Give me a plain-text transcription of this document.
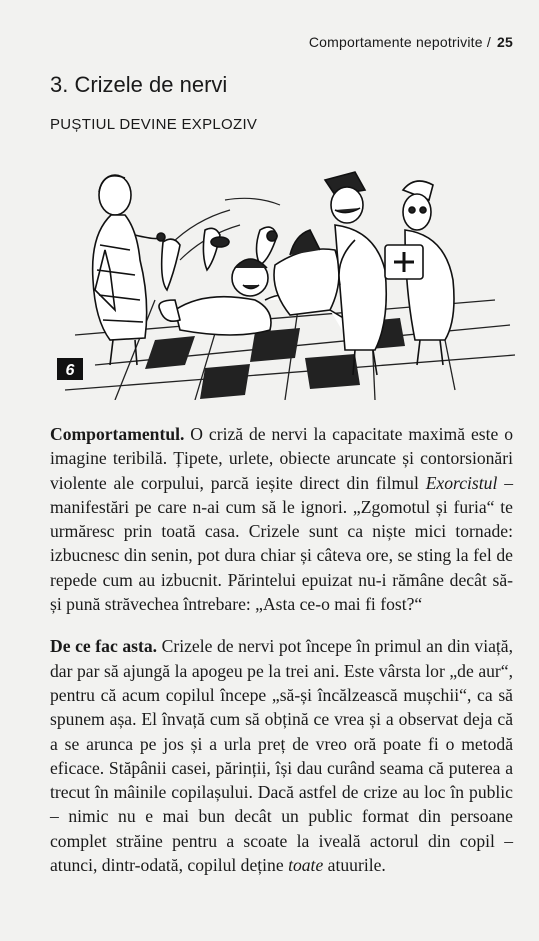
Comportamente nepotrivite / 25
3. Crizele de nervi
PUȘTIUL DEVINE EXPLOZIV
6

Comportamentul. O criză de nervi la capacitate maximă este o imagine teribilă. Țipete, urlete, obiecte aruncate și contorsionări violente ale corpului, parcă ieșite direct din filmul Exorcistul – manifestări pe care n-ai cum să le ignori. „Zgomotul și furia“ te urmăresc prin toată casa. Crizele sunt ca niște mici tornade: izbucnesc din senin, pot dura chiar și câteva ore, se sting la fel de repede cum au izbucnit. Părintelui epuizat nu-i rămâne decât să-și pună străvechea întrebare: „Asta ce-o mai fi fost?“

De ce fac asta. Crizele de nervi pot începe în primul an din viață, dar par să ajungă la apogeu pe la trei ani. Este vârsta lor „de aur“, pentru că acum copilul începe „să-și încălzească mușchii“, ca să spunem așa. El învață cum să obțină ce vrea și a observat deja că a se arunca pe jos și a urla preț de vreo oră poate fi o metodă eficace. Stăpânii casei, părinții, își dau curând seama că puterea a trecut în mâinile copilașului. Dacă astfel de crize au loc în public – nimic nu e mai bun decât un public format din persoane complet străine pentru a scoate la iveală actorul din copil – atunci, dintr-odată, copilul deține toate atuurile.
